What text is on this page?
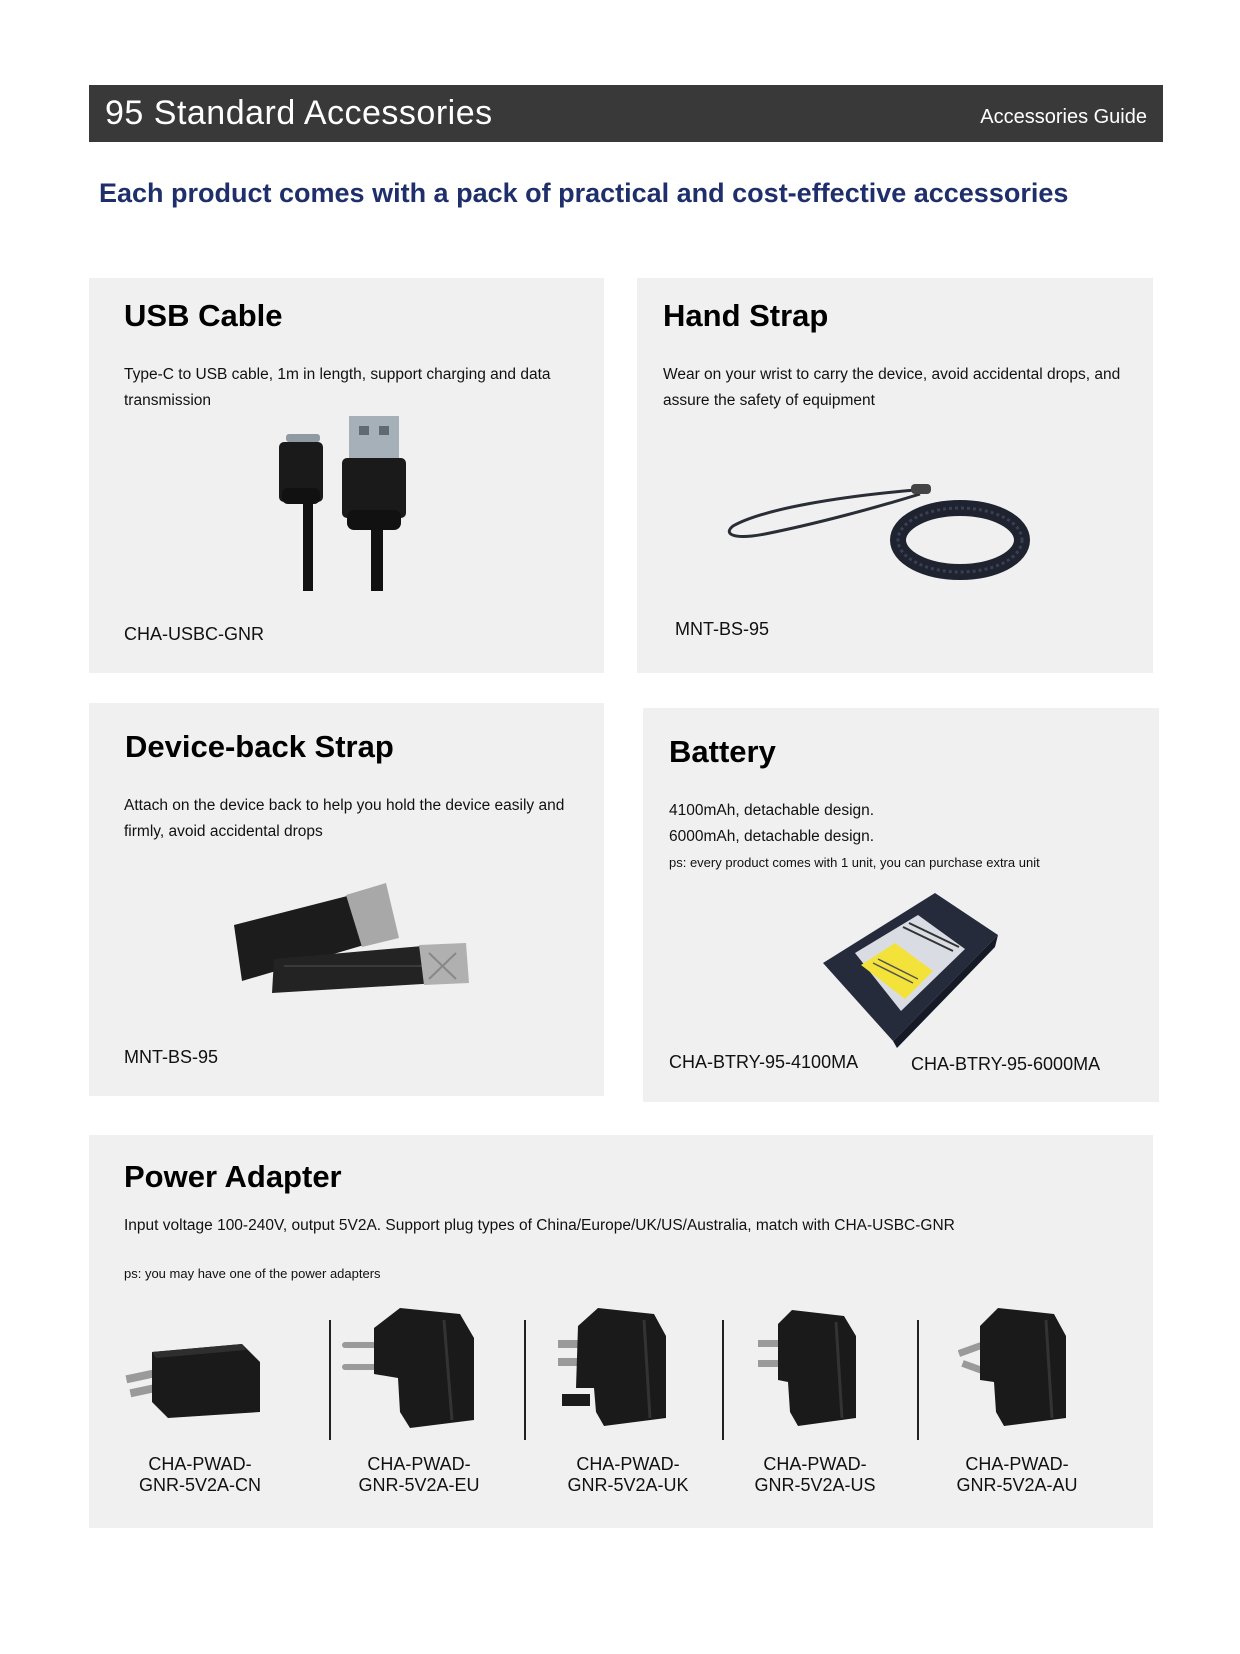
95 Standard Accessories	Accessories Guide
Each product comes with a pack of practical and cost-effective accessories
USB Cable
Type-C to USB cable, 1m in length, support charging and data transmission
CHA-USBC-GNR
Hand Strap
Wear on your wrist to carry the device, avoid accidental drops, and assure the safety of equipment
MNT-BS-95
Device-back Strap
Attach on the device back to help you hold the device easily and firmly, avoid accidental drops
MNT-BS-95
Battery
4100mAh, detachable design.
6000mAh, detachable design.
ps: every product comes with 1 unit, you can purchase extra unit
CHA-BTRY-95-4100MA	CHA-BTRY-95-6000MA
Power Adapter
Input voltage 100-240V, output 5V2A. Support plug types of China/Europe/UK/US/Australia, match with CHA-USBC-GNR
ps: you may have one of the power adapters
CHA-PWAD-
GNR-5V2A-CN
CHA-PWAD-
GNR-5V2A-EU
CHA-PWAD-
GNR-5V2A-UK
CHA-PWAD-
GNR-5V2A-US
CHA-PWAD-
GNR-5V2A-AU
